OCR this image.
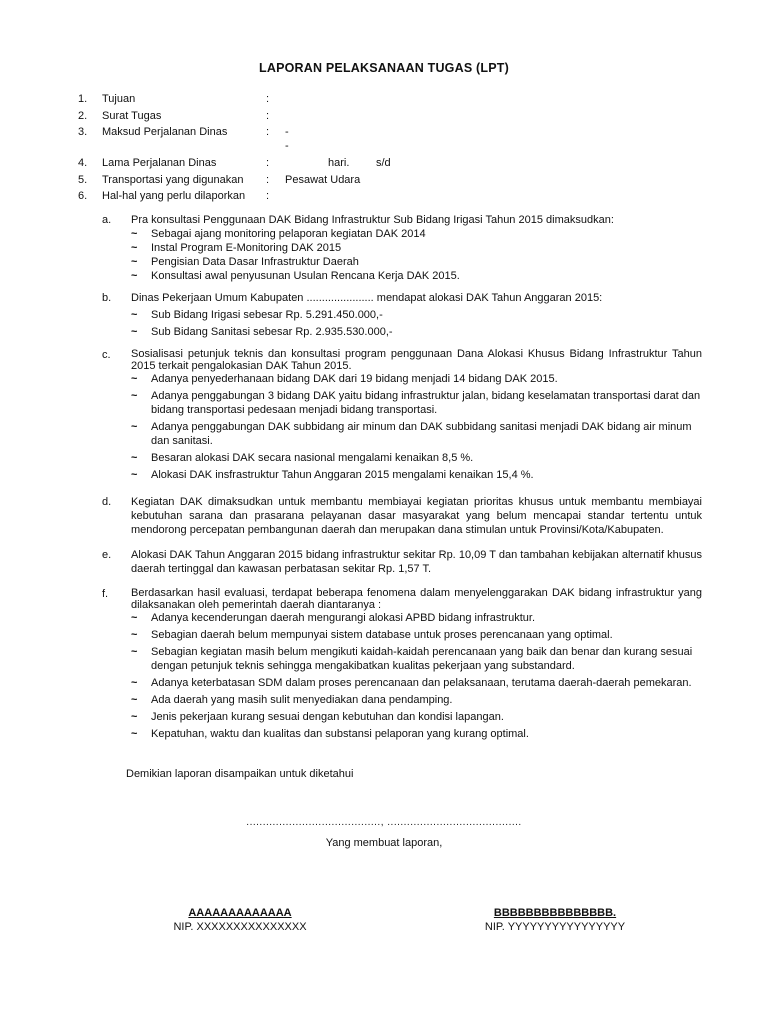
LAPORAN PELAKSANAAN TUGAS (LPT)
1. Tujuan	:
2. Surat Tugas	:
3. Maksud Perjalanan Dinas	: -
-
4. Lama Perjalanan Dinas	:	hari. s/d
5. Transportasi yang digunakan : Pesawat Udara
6. Hal-hal yang perlu dilaporkan :
a. Pra konsultasi Penggunaan DAK Bidang Infrastruktur Sub Bidang Irigasi Tahun 2015 dimaksudkan:
~ Sebagai ajang monitoring pelaporan kegiatan DAK 2014
~ Instal Program E-Monitoring DAK 2015
~ Pengisian Data Dasar Infrastruktur Daerah
~ Konsultasi awal penyusunan Usulan Rencana Kerja DAK 2015.
b. Dinas Pekerjaan Umum Kabupaten ...................... mendapat alokasi DAK Tahun Anggaran 2015:
~ Sub Bidang Irigasi sebesar Rp. 5.291.450.000,-
~ Sub Bidang Sanitasi sebesar Rp. 2.935.530.000,-
c. Sosialisasi petunjuk teknis dan konsultasi program penggunaan Dana Alokasi Khusus Bidang Infrastruktur Tahun 2015 terkait pengalokasian DAK Tahun 2015.
~ Adanya penyederhanaan bidang DAK dari 19 bidang menjadi 14 bidang DAK 2015.
~ Adanya penggabungan 3 bidang DAK yaitu bidang infrastruktur jalan, bidang keselamatan transportasi darat dan bidang transportasi pedesaan menjadi bidang transportasi.
~ Adanya penggabungan DAK subbidang air minum dan DAK subbidang sanitasi menjadi DAK bidang air minum dan sanitasi.
~ Besaran alokasi DAK secara nasional mengalami kenaikan 8,5 %.
~ Alokasi DAK insfrastruktur Tahun Anggaran 2015 mengalami kenaikan 15,4 %.
d. Kegiatan DAK dimaksudkan untuk membantu membiayai kegiatan prioritas khusus untuk membantu membiayai kebutuhan sarana dan prasarana pelayanan dasar masyarakat yang belum mencapai standar tertentu untuk mendorong percepatan pembangunan daerah dan merupakan dana stimulan untuk Provinsi/Kota/Kabupaten.
e. Alokasi DAK Tahun Anggaran 2015 bidang infrastruktur sekitar Rp. 10,09 T dan tambahan kebijakan alternatif khusus daerah tertinggal dan kawasan perbatasan sekitar Rp. 1,57 T.
f. Berdasarkan hasil evaluasi, terdapat beberapa fenomena dalam menyelenggarakan DAK bidang infrastruktur yang dilaksanakan oleh pemerintah daerah diantaranya :
~ Adanya kecenderungan daerah mengurangi alokasi APBD bidang infrastruktur.
~ Sebagian daerah belum mempunyai sistem database untuk proses perencanaan yang optimal.
~ Sebagian kegiatan masih belum mengikuti kaidah-kaidah perencanaan yang baik dan benar dan kurang sesuai dengan petunjuk teknis sehingga mengakibatkan kualitas pekerjaan yang substandard.
~ Adanya keterbatasan SDM dalam proses perencanaan dan pelaksanaan, terutama daerah-daerah pemekaran.
~ Ada daerah yang masih sulit menyediakan dana pendamping.
~ Jenis pekerjaan kurang sesuai dengan kebutuhan dan kondisi lapangan.
~ Kepatuhan, waktu dan kualitas dan substansi pelaporan yang kurang optimal.
Demikian laporan disampaikan untuk diketahui
........................................., .........................................
Yang membuat laporan,
AAAAAAAAAAAAA
NIP. XXXXXXXXXXXXXXX
BBBBBBBBBBBBBBB.
NIP. YYYYYYYYYYYYYYYY
